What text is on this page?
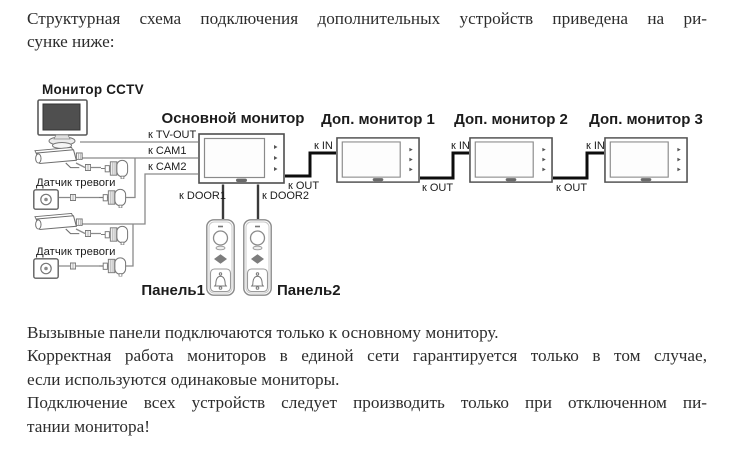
Структурная схема подключения дополнительных устройств приведена на ри-
сунке ниже:
Монитор CCTV
Основной монитор Доп. монитор 1 Доп. монитор 2 Доп. монитор 3
к TV-OUT
к CAM1
к CAM2
к DOOR1	к DOOR2
к OUT
к IN
к OUT
к IN
к OUT
к IN
Датчик тревоги
Датчик тревоги
Панель1	Панель2
Вызывные панели подключаются только к основному монитору.
Корректная работа мониторов в единой сети гарантируется только в том случае,
если используются одинаковые мониторы.
Подключение всех устройств следует производить только при отключенном пи-
тании монитора!
